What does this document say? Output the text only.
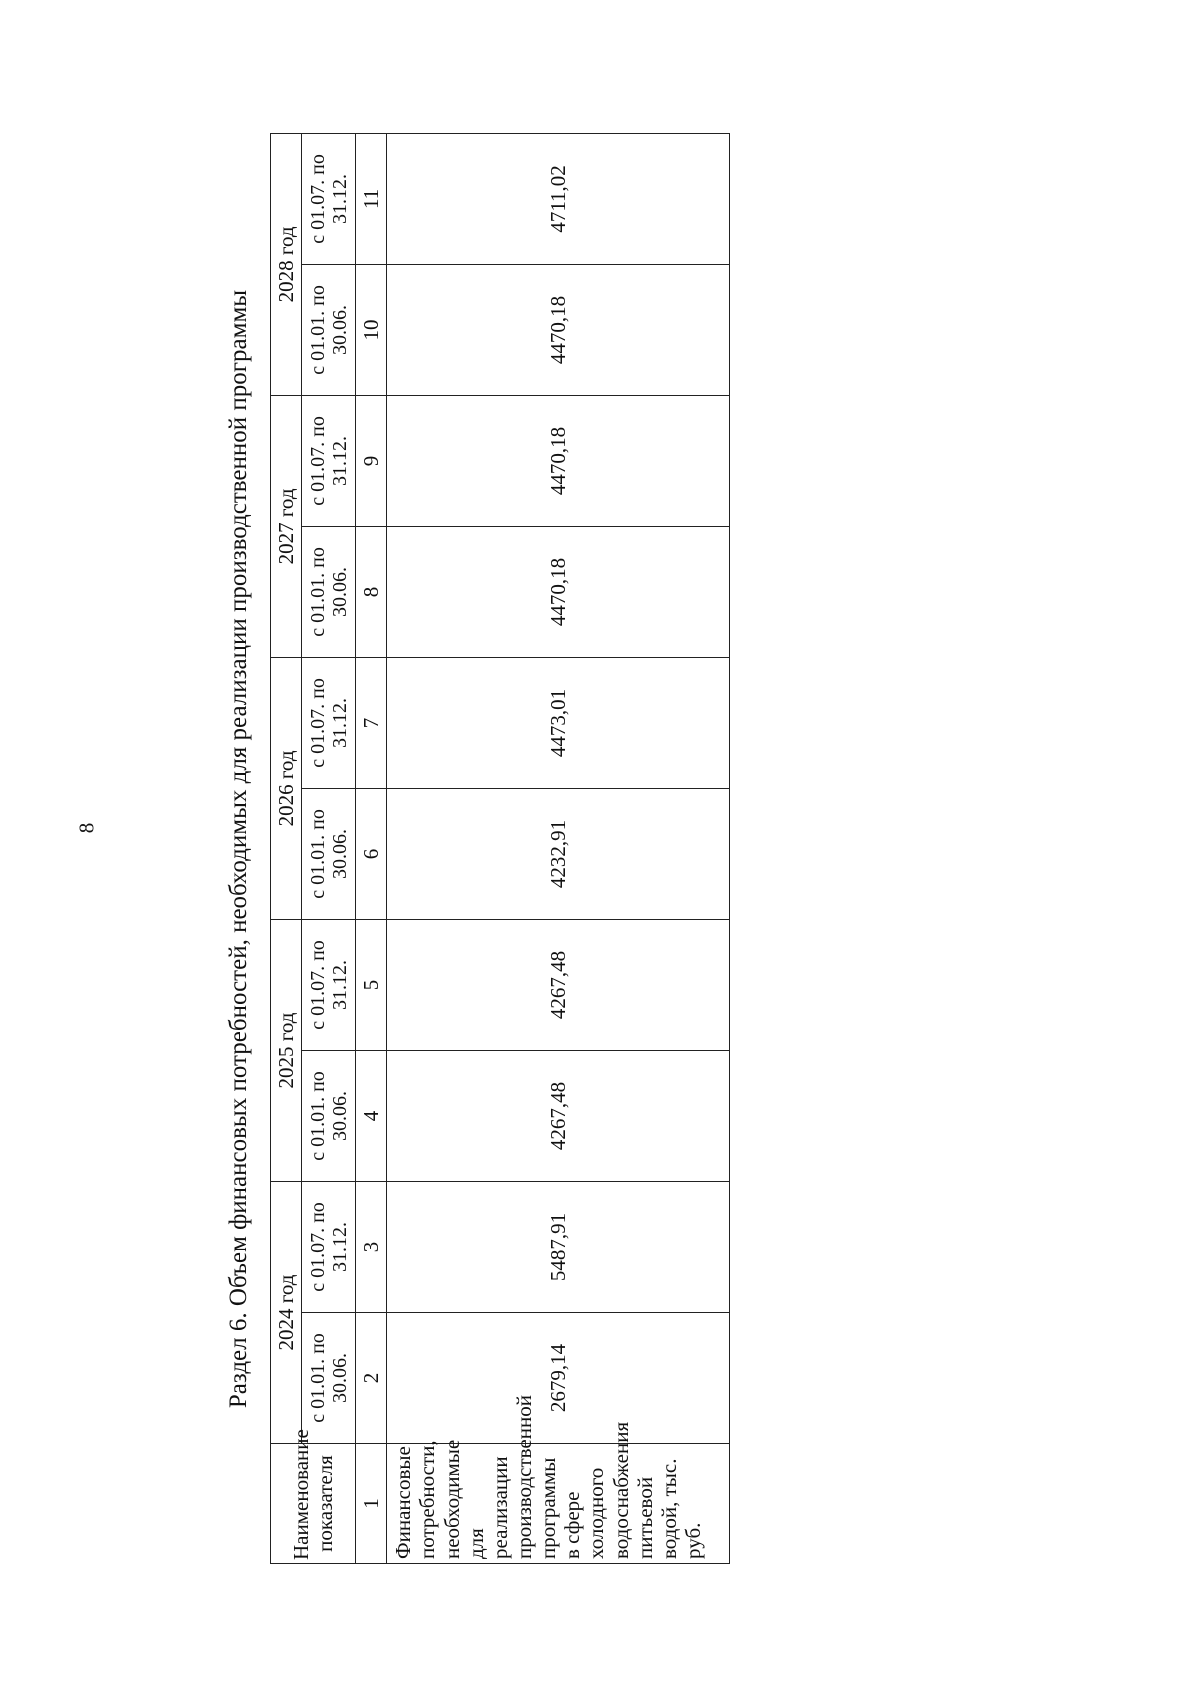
8	Раздел 6. Объем финансовых потребностей, необходимых для реализации производственной программы
Наименование показателя	2024 год		2025 год		2026 год		2027 год		2028 год	
	с 01.01. по 30.06.	с 01.07. по 31.12.	с 01.01. по 30.06.	с 01.07. по 31.12.	с 01.01. по 30.06.	с 01.07. по 31.12.	с 01.01. по 30.06.	с 01.07. по 31.12.	с 01.01. по 30.06.	с 01.07. по 31.12.
1	2	3	4	5	6	7	8	9	10	11
Финансовые потребности, необходимые для реализации производственной программы в сфере холодного водоснабжения питьевой водой, тыс. руб.	2679,14	5487,91	4267,48	4267,48	4232,91	4473,01	4470,18	4470,18	4470,18	4711,02
